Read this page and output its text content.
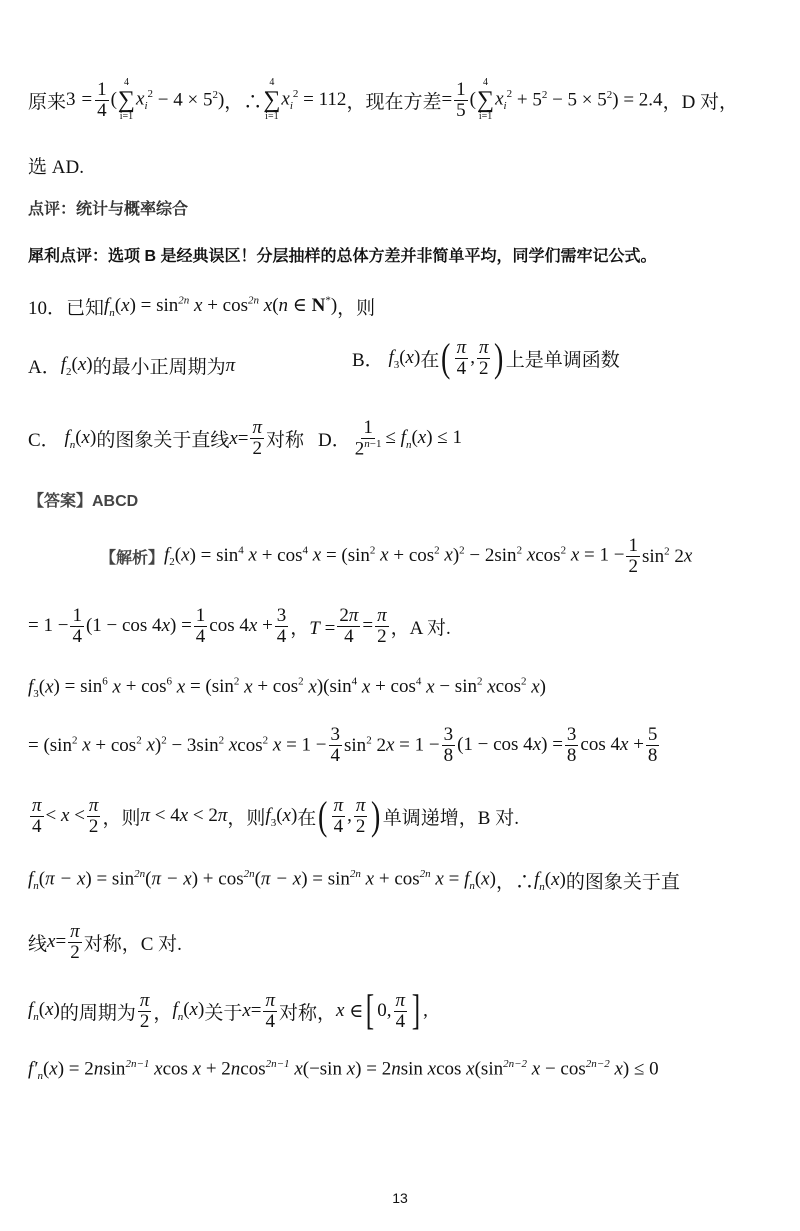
原来 $3 = \frac{1}{4}$ (
4
∑
i=1
$x_i^2 - 4 \times 5^2$) ，∴
4
∑
i=1
$x_i^2 = 112$ ，现在方差 = $\frac{1}{5}$ (
4
∑
i=1
$x_i^2 + 5^2 - 5 \times 5^2) = 2.4$ ，D 对，
选 AD.
点评：统计与概率综合
犀利点评：选项 B 是经典误区！分层抽样的总体方差并非简单平均，同学们需牢记公式。
10．已知 $f_n(x) = \sin^{2n} x + \cos^{2n} x(n$ ∈ N*) ，则
A． $f_2(x)$ 的最小正周期为 π	B． $f_3(x)$ 在 ( $\frac{\pi}{4}$ , $\frac{\pi}{2}$ ) 上是单调函数
C． $f_n(x)$ 的图象关于直线 $x = \frac{\pi}{2}$ 对称 D． $\frac{1}{2^{n-1}} \le f_n(x) \le 1$
【答案】ABCD
【解析】 $f_2(x) = \sin^4 x + \cos^4 x = (\sin^2$ $x + \cos^2 x)^2 - 2\sin^2$ xcos$^2$ $x = 1 - \frac{1}{2} \sin^2 2x$
= $1 - \frac{1}{4} (1 - \cos 4x) = \frac{1}{4}$ $\cos 4x + \frac{3}{4}$ ，$T = \frac{2\pi}{4} = \frac{\pi}{2}$ ，A 对.
$f_3(x) = \sin^6 x + \cos^6 x = (\sin^2$ $x + \cos^2 x)(\sin^4$ $x + \cos^4 x - \sin^2 xcos^2$ x)
= ($\sin^2$ $x + \cos^2 x)^2 - 3\sin^2$ xcos$^2$ $x = 1 - \frac{3}{4} \sin^2 2x = 1 - \frac{3}{8} (1 - \cos 4x) = \frac{3}{8}$ $\cos 4x + \frac{5}{8}$
$\frac{\pi}{4} < x < \frac{\pi}{2}$ ，则 π < 4x < 2π ，则 $f_3(x)$ 在 ( $\frac{\pi}{4}$ , $\frac{\pi}{2}$ ) 单调递增，B 对.
$f_n(\pi - x) = \sin^{2n}(\pi - x) + \cos^{2n}(\pi - x) = \sin^{2n} x + \cos^{2n} x = f_n(x)$ ，∴ $f_n(x)$ 的图象关于直
线 $x = \frac{\pi}{2}$ 对称，C 对.
$f_n(x)$ 的周期为 $\frac{\pi}{2}$ ， $f_n(x)$ 关于 $x = \frac{\pi}{4}$ 对称， x ∈ [ 0, $\frac{\pi}{4}$ ] ,
$f'_n(x) = 2nsin^{2n-1}$ xcos x + 2ncos$^{2n-1}$ x(−sin x) = 2nsin xcos $x(\sin^{2n-2}$ $x - \cos^{2n-2} x) \le 0$
13
